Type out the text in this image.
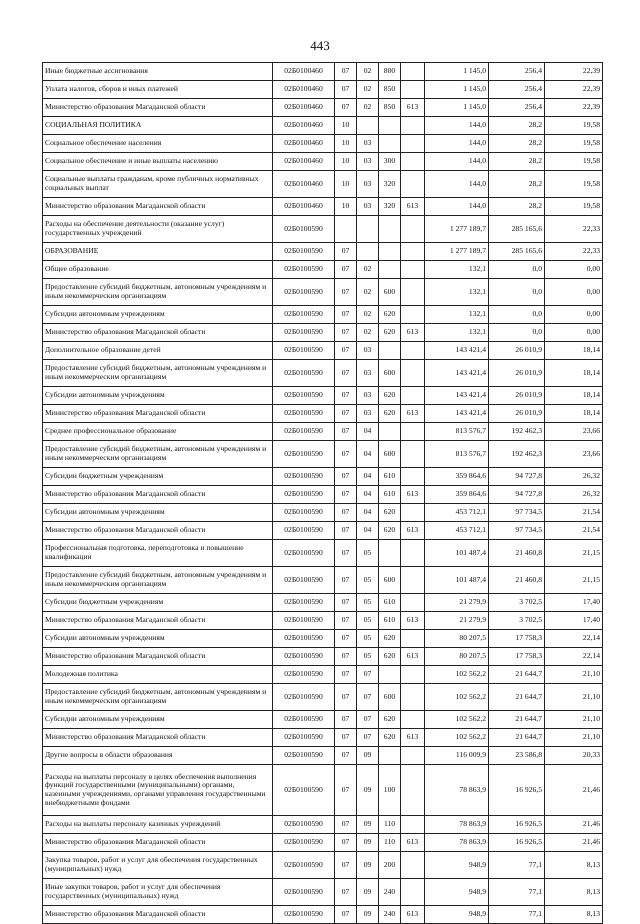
443
Иные бюджетные ассигнования	02Б0100460	07	02	800		1 145,0	256,4	22,39
Уплата налогов, сборов и иных платежей	02Б0100460	07	02	850		1 145,0	256,4	22,39
Министерство образования Магаданской области	02Б0100460	07	02	850	613	1 145,0	256,4	22,39
СОЦИАЛЬНАЯ ПОЛИТИКА	02Б0100460	10				144,0	28,2	19,58
Социальное обеспечение населения	02Б0100460	10	03			144,0	28,2	19,58
Социальное обеспечение и иные выплаты населению	02Б0100460	10	03	300		144,0	28,2	19,58
Социальные выплаты гражданам, кроме публичных нормативных социальных выплат	02Б0100460	10	03	320		144,0	28,2	19,58
Министерство образования Магаданской области	02Б0100460	10	03	320	613	144,0	28,2	19,58
Расходы на обеспечение деятельности (оказание услуг) государственных учреждений	02Б0100590					1 277 189,7	285 165,6	22,33
ОБРАЗОВАНИЕ	02Б0100590	07				1 277 189,7	285 165,6	22,33
Общее образование	02Б0100590	07	02			132,1	0,0	0,00
Предоставление субсидий бюджетным, автономным учреждениям и иным некоммерческим организациям	02Б0100590	07	02	600		132,1	0,0	0,00
Субсидии автономным учреждениям	02Б0100590	07	02	620		132,1	0,0	0,00
Министерство образования Магаданской области	02Б0100590	07	02	620	613	132,1	0,0	0,00
Дополнительное образование детей	02Б0100590	07	03			143 421,4	26 010,9	18,14
Предоставление субсидий бюджетным, автономным учреждениям и иным некоммерческим организациям	02Б0100590	07	03	600		143 421,4	26 010,9	18,14
Субсидии автономным учреждениям	02Б0100590	07	03	620		143 421,4	26 010,9	18,14
Министерство образования Магаданской области	02Б0100590	07	03	620	613	143 421,4	26 010,9	18,14
Среднее профессиональное образование	02Б0100590	07	04			813 576,7	192 462,3	23,66
Предоставление субсидий бюджетным, автономным учреждениям и иным некоммерческим организациям	02Б0100590	07	04	600		813 576,7	192 462,3	23,66
Субсидии бюджетным учреждениям	02Б0100590	07	04	610		359 864,6	94 727,8	26,32
Министерство образования Магаданской области	02Б0100590	07	04	610	613	359 864,6	94 727,8	26,32
Субсидии автономным учреждениям	02Б0100590	07	04	620		453 712,1	97 734,5	21,54
Министерство образования Магаданской области	02Б0100590	07	04	620	613	453 712,1	97 734,5	21,54
Профессиональная подготовка, переподготовка и повышение квалификации	02Б0100590	07	05			101 487,4	21 460,8	21,15
Предоставление субсидий бюджетным, автономным учреждениям и иным некоммерческим организациям	02Б0100590	07	05	600		101 487,4	21 460,8	21,15
Субсидии бюджетным учреждениям	02Б0100590	07	05	610		21 279,9	3 702,5	17,40
Министерство образования Магаданской области	02Б0100590	07	05	610	613	21 279,9	3 702,5	17,40
Субсидии автономным учреждениям	02Б0100590	07	05	620		80 207,5	17 758,3	22,14
Министерство образования Магаданской области	02Б0100590	07	05	620	613	80 207,5	17 758,3	22,14
Молодежная политика	02Б0100590	07	07			102 562,2	21 644,7	21,10
Предоставление субсидий бюджетным, автономным учреждениям и иным некоммерческим организациям	02Б0100590	07	07	600		102 562,2	21 644,7	21,10
Субсидии автономным учреждениям	02Б0100590	07	07	620		102 562,2	21 644,7	21,10
Министерство образования Магаданской области	02Б0100590	07	07	620	613	102 562,2	21 644,7	21,10
Другие вопросы в области образования	02Б0100590	07	09			116 009,9	23 586,8	20,33
Расходы на выплаты персоналу в целях обеспечения выполнения функций государственными (муниципальными) органами, казенными учреждениями, органами управления государственными внебюджетными фондами	02Б0100590	07	09	100		78 863,9	16 926,5	21,46
Расходы на выплаты персоналу казенных учреждений	02Б0100590	07	09	110		78 863,9	16 926,5	21,46
Министерство образования Магаданской области	02Б0100590	07	09	110	613	78 863,9	16 926,5	21,46
Закупка товаров, работ и услуг для обеспечения государственных (муниципальных) нужд	02Б0100590	07	09	200		948,9	77,1	8,13
Иные закупки товаров, работ и услуг для обеспечения государственных (муниципальных) нужд	02Б0100590	07	09	240		948,9	77,1	8,13
Министерство образования Магаданской области	02Б0100590	07	09	240	613	948,9	77,1	8,13
